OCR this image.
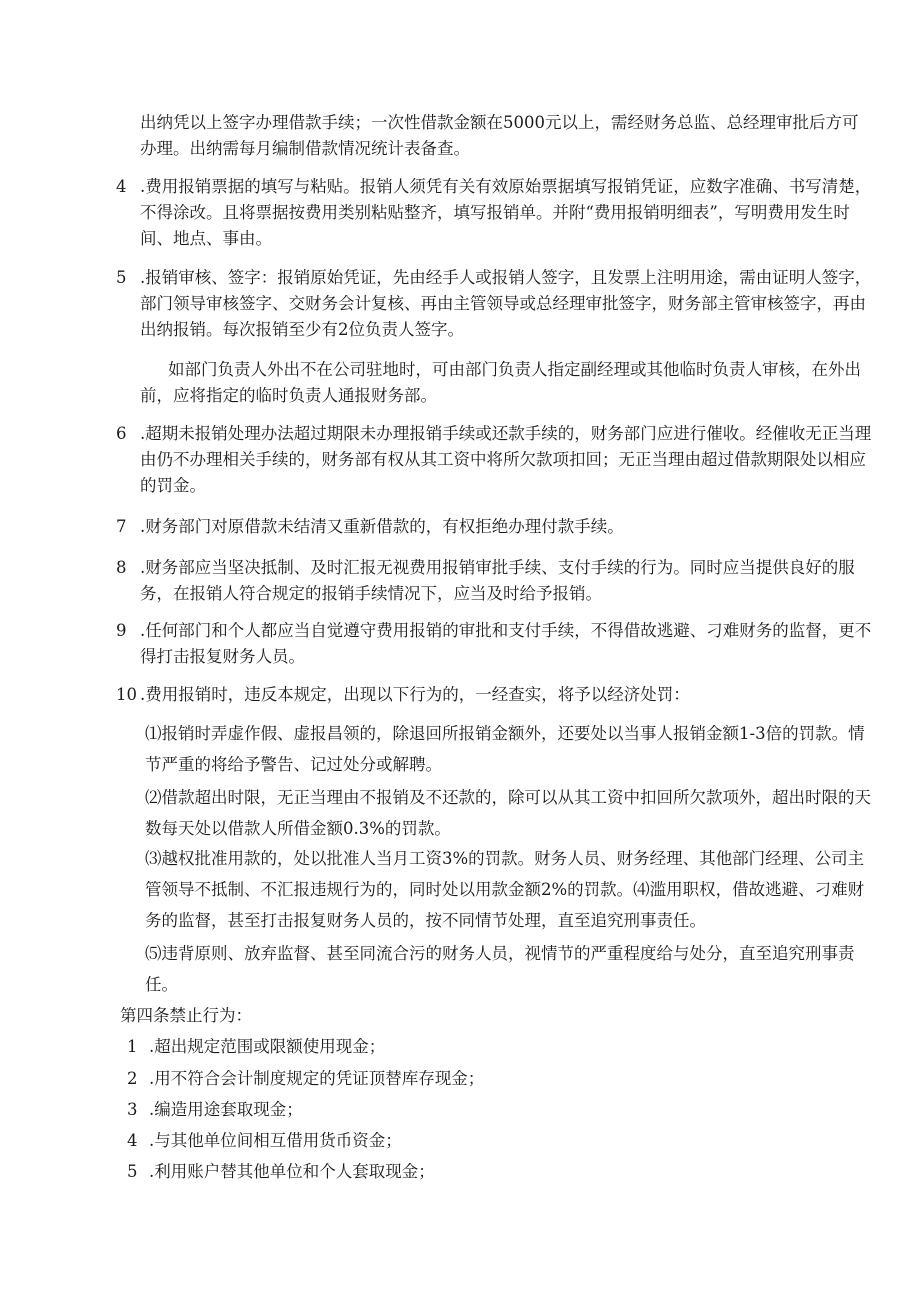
出纳凭以上签字办理借款手续；一次性借款金额在5000元以上，需经财务总监、总经理审批后方可办理。出纳需每月编制借款情况统计表备查。
4 .费用报销票据的填写与粘贴。报销人须凭有关有效原始票据填写报销凭证，应数字准确、书写清楚，不得涂改。且将票据按费用类别粘贴整齐，填写报销单。并附“费用报销明细表”，写明费用发生时间、地点、事由。
5 .报销审核、签字：报销原始凭证，先由经手人或报销人签字，且发票上注明用途，需由证明人签字，部门领导审核签字、交财务会计复核、再由主管领导或总经理审批签字，财务部主管审核签字，再由出纳报销。每次报销至少有2位负责人签字。
如部门负责人外出不在公司驻地时，可由部门负责人指定副经理或其他临时负责人审核，在外出前，应将指定的临时负责人通报财务部。
6 .超期未报销处理办法超过期限未办理报销手续或还款手续的，财务部门应进行催收。经催收无正当理由仍不办理相关手续的，财务部有权从其工资中将所欠款项扣回；无正当理由超过借款期限处以相应的罚金。
7 .财务部门对原借款未结清又重新借款的，有权拒绝办理付款手续。
8 .财务部应当坚决抵制、及时汇报无视费用报销审批手续、支付手续的行为。同时应当提供良好的服务，在报销人符合规定的报销手续情况下，应当及时给予报销。
9 .任何部门和个人都应当自觉遵守费用报销的审批和支付手续，不得借故逃避、刁难财务的监督，更不得打击报复财务人员。
10 .费用报销时，违反本规定，出现以下行为的，一经查实，将予以经济处罚：
⑴报销时弄虚作假、虚报昌领的，除退回所报销金额外，还要处以当事人报销金额1-3倍的罚款。情节严重的将给予警告、记过处分或解聘。
⑵借款超出时限，无正当理由不报销及不还款的，除可以从其工资中扣回所欠款项外，超出时限的天数每天处以借款人所借金额0.3%的罚款。
⑶越权批准用款的，处以批准人当月工资3%的罚款。财务人员、财务经理、其他部门经理、公司主管领导不抵制、不汇报违规行为的，同时处以用款金额2%的罚款。⑷滥用职权，借故逃避、刁难财务的监督，甚至打击报复财务人员的，按不同情节处理，直至追究刑事责任。
⑸违背原则、放弃监督、甚至同流合污的财务人员，视情节的严重程度给与处分，直至追究刑事责任。
第四条禁止行为：
1 .超出规定范围或限额使用现金；
2 .用不符合会计制度规定的凭证顶替库存现金；
3 .编造用途套取现金；
4 .与其他单位间相互借用货币资金；
5 .利用账户替其他单位和个人套取现金；
